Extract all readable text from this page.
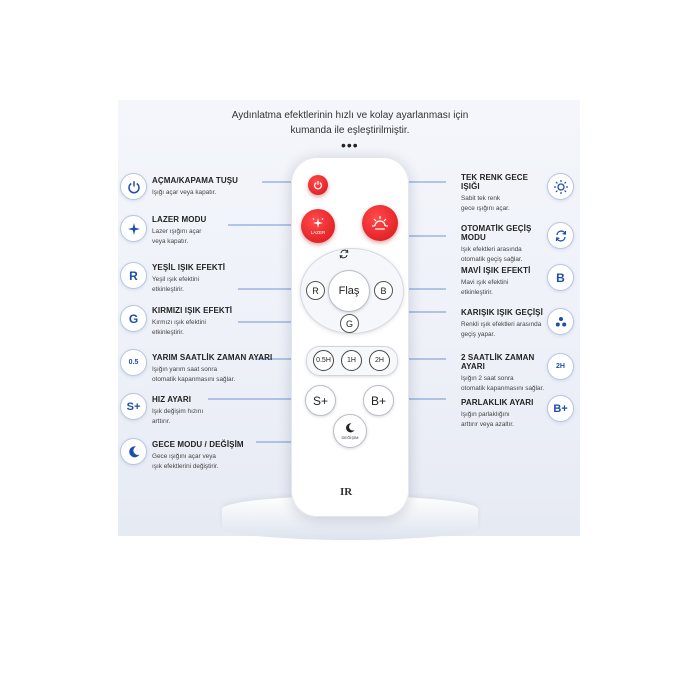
Aydınlatma efektlerinin hızlı ve kolay ayarlanması için
kumanda ile eşleştirilmiştir.
•••
LAZER
Flaş
R	B
G
0.5H	1H	2H
S+	B+
DEĞİŞİM
IR
R
G
0.5
S+
AÇMA/KAPAMA TUŞU
Işığı açar veya kapatır.
LAZER MODU
Lazer ışığını açar
veya kapatır.
YEŞİL IŞIK EFEKTİ
Yeşil ışık efektini
etkinleştirir.
KIRMIZI IŞIK EFEKTİ
Kırmızı ışık efektini
etkinleştirir.
YARIM SAATLİK ZAMAN AYARI
Işığın yarım saat sonra
otomatik kapanmasını sağlar.
HIZ AYARI
Işık değişim hızını
arttırır.
GECE MODU / DEĞİŞİM
Gece ışığını açar veya
ışık efektlerini değiştirir.
TEK RENK GECE IŞIĞI
Sabit tek renk
gece ışığını açar.
OTOMATİK GEÇİŞ MODU
Işık efektleri arasında
otomatik geçiş sağlar.
MAVİ IŞIK EFEKTİ
Mavi ışık efektini
etkinleştirir.
KARIŞIK IŞIK GEÇİŞİ
Renkli ışık efektleri arasında
geçiş yapar.
2 SAATLİK ZAMAN AYARI
Işığın 2 saat sonra
otomatik kapanmasını sağlar.
PARLAKLIK AYARI
Işığın parlaklığını
arttırır veya azaltır.
B
2H
B+
